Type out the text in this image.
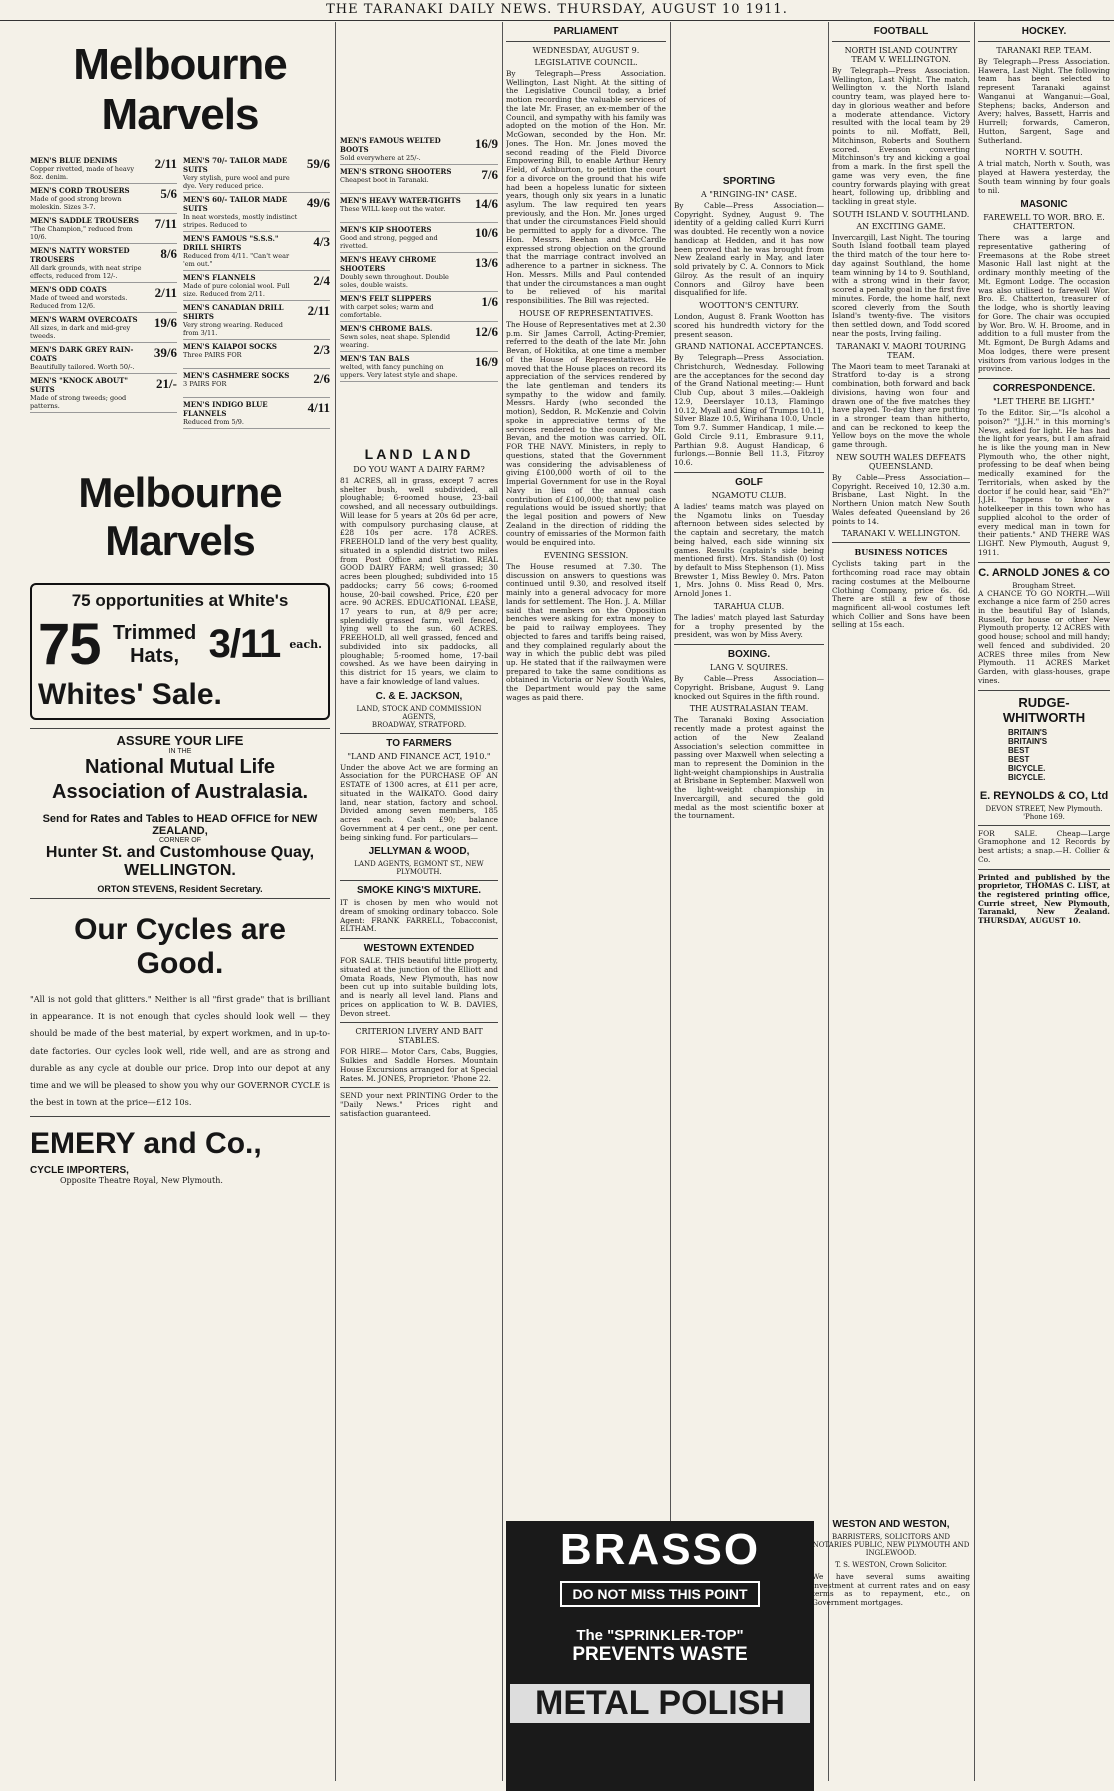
THE TARANAKI DAILY NEWS. THURSDAY, AUGUST 10 1911.
Melbourne Marvels
MEN'S BLUE DENIMS
Copper rivetted, made of heavy 8oz. denim.
2/11
MEN'S CORD TROUSERS
Made of good strong brown moleskin. Sizes 3-7.
5/6
MEN'S SADDLE TROUSERS
"The Champion," reduced from 10/6.
7/11
MEN'S NATTY WORSTED TROUSERS
All dark grounds, with neat stripe effects, reduced from 12/-.
8/6
MEN'S ODD COATS
Made of tweed and worsteds. Reduced from 12/6.
2/11
MEN'S WARM OVERCOATS
All sizes, in dark and mid-grey tweeds.
19/6
MEN'S DARK GREY RAIN-COATS
Beautifully tailored. Worth 50/-.
39/6
MEN'S "KNOCK ABOUT" SUITS
Made of strong tweeds; good patterns.
21/-
MEN'S 70/- TAILOR MADE SUITS
Very stylish, pure wool and pure dye. Very reduced price.
59/6
MEN'S 60/- TAILOR MADE SUITS
In neat worsteds, mostly indistinct stripes. Reduced to
49/6
MEN'S FAMOUS "S.S.S." DRILL SHIRTS
Reduced from 4/11. "Can't wear 'em out."
4/3
MEN'S FLANNELS
Made of pure colonial wool. Full size. Reduced from 2/11.
2/4
MEN'S CANADIAN DRILL SHIRTS
Very strong wearing. Reduced from 3/11.
2/11
MEN'S KAIAPOI SOCKS
Three PAIRS FOR	2/3
MEN'S CASHMERE SOCKS
3 PAIRS FOR	2/6
MEN'S INDIGO BLUE FLANNELS
Reduced from 5/9.
4/11
Melbourne Marvels
75 opportunities at White's
75 Trimmed Hats, 3/11 each.
Whites' Sale.
ASSURE YOUR LIFE
IN THE
National Mutual Life Association of Australasia.
Send for Rates and Tables to HEAD OFFICE for NEW ZEALAND,
CORNER OF
Hunter St. and Customhouse Quay, WELLINGTON.
ORTON STEVENS, Resident Secretary.
Our Cycles are Good.

"All is not gold that glitters." Neither is all "first grade" that is brilliant in appearance. It is not enough that cycles should look well — they should be made of the best material, by expert workmen, and in up-to-date factories. Our cycles look well, ride well, and are as strong and durable as any cycle at double our price. Drop into our depot at any time and we will be pleased to show you why our GOVERNOR CYCLE is the best in town at the price—£12 10s.

EMERY and Co.,
CYCLE IMPORTERS,
Opposite Theatre Royal, New Plymouth.
MEN'S FAMOUS WELTED BOOTS
Sold everywhere at 25/-.
16/9
MEN'S STRONG SHOOTERS
Cheapest boot in Taranaki.	7/6
MEN'S HEAVY WATER-TIGHTS
These WILL keep out the water.	14/6
MEN'S KIP SHOOTERS
Good and strong, pegged and rivetted.
10/6
MEN'S HEAVY CHROME SHOOTERS
Doubly sewn throughout. Double soles, double waists.
13/6
MEN'S FELT SLIPPERS
with carpet soles; warm and comfortable.
1/6
MEN'S CHROME BALS.
Sewn soles, neat shape. Splendid wearing.
12/6
MEN'S TAN BALS
welted, with fancy punching on uppers. Very latest style and shape.
16/9
LAND LAND
DO YOU WANT A DAIRY FARM?

81 ACRES, all in grass, except 7 acres shelter bush, well subdivided, all ploughable; 6-roomed house, 23-bail cowshed, and all necessary outbuildings. Will lease for 5 years at 20s 6d per acre, with compulsory purchasing clause, at £28 10s per acre. 178 ACRES. FREEHOLD land of the very best quality, situated in a splendid district two miles from Post Office and Station. REAL GOOD DAIRY FARM; well grassed; 30 acres been ploughed; subdivided into 15 paddocks; carry 56 cows; 6-roomed house, 20-bail cowshed. Price, £20 per acre. 90 ACRES. EDUCATIONAL LEASE, 17 years to run, at 8/9 per acre; splendidly grassed farm, well fenced, lying well to the sun. 60 ACRES. FREEHOLD, all well grassed, fenced and subdivided into six paddocks, all ploughable; 5-roomed home, 17-bail cowshed. As we have been dairying in this district for 15 years, we claim to have a fair knowledge of land values.

C. & E. JACKSON,
LAND, STOCK AND COMMISSION AGENTS,
BROADWAY, STRATFORD.
TO FARMERS
"LAND AND FINANCE ACT, 1910."

Under the above Act we are forming an Association for the PURCHASE OF AN ESTATE of 1300 acres, at £11 per acre, situated in the WAIKATO. Good dairy land, near station, factory and school. Divided among seven members, 185 acres each. Cash £90; balance Government at 4 per cent., one per cent. being sinking fund. For particulars—

JELLYMAN & WOOD,
LAND AGENTS, EGMONT ST., NEW PLYMOUTH.
SMOKE KING'S MIXTURE.

IT is chosen by men who would not dream of smoking ordinary tobacco. Sole Agent: FRANK FARRELL, Tobacconist, ELTHAM.

WESTOWN EXTENDED

FOR SALE. THIS beautiful little property, situated at the junction of the Elliott and Omata Roads, New Plymouth, has now been cut up into suitable building lots, and is nearly all level land. Plans and prices on application to W. B. DAVIES, Devon street.

CRITERION LIVERY AND BAIT STABLES.

FOR HIRE— Motor Cars, Cabs, Buggies, Sulkies and Saddle Horses. Mountain House Excursions arranged for at Special Rates. M. JONES, Proprietor. 'Phone 22.

SEND your next PRINTING Order to the "Daily News." Prices right and satisfaction guaranteed.

PARLIAMENT
WEDNESDAY, AUGUST 9.
LEGISLATIVE COUNCIL.

By Telegraph—Press Association. Wellington, Last Night. At the sitting of the Legislative Council today, a brief motion recording the valuable services of the late Mr. Fraser, an ex-member of the Council, and sympathy with his family was adopted on the motion of the Hon. Mr. McGowan, seconded by the Hon. Mr. Jones. The Hon. Mr. Jones moved the second reading of the Field Divorce Empowering Bill, to enable Arthur Henry Field, of Ashburton, to petition the court for a divorce on the ground that his wife had been a hopeless lunatic for sixteen years, though only six years in a lunatic asylum. The law required ten years previously, and the Hon. Mr. Jones urged that under the circumstances Field should be permitted to apply for a divorce. The Hon. Messrs. Beehan and McCardle expressed strong objection on the ground that the marriage contract involved an adherence to a partner in sickness. The Hon. Messrs. Mills and Paul contended that under the circumstances a man ought to be relieved of his marital responsibilities. The Bill was rejected.

HOUSE OF REPRESENTATIVES.

The House of Representatives met at 2.30 p.m. Sir James Carroll, Acting-Premier, referred to the death of the late Mr. John Bevan, of Hokitika, at one time a member of the House of Representatives. He moved that the House places on record its appreciation of the services rendered by the late gentleman and tenders its sympathy to the widow and family. Messrs. Hardy (who seconded the motion), Seddon, R. McKenzie and Colvin spoke in appreciative terms of the services rendered to the country by Mr. Bevan, and the motion was carried. OIL FOR THE NAVY. Ministers, in reply to questions, stated that the Government was considering the advisableness of giving £100,000 worth of oil to the Imperial Government for use in the Royal Navy in lieu of the annual cash contribution of £100,000; that new police regulations would be issued shortly; that the legal position and powers of New Zealand in the direction of ridding the country of emissaries of the Mormon faith would be enquired into.

EVENING SESSION.

The House resumed at 7.30. The discussion on answers to questions was continued until 9.30, and resolved itself mainly into a general advocacy for more lands for settlement. The Hon. J. A. Millar said that members on the Opposition benches were asking for extra money to be paid to railway employees. They objected to fares and tariffs being raised, and they complained regularly about the way in which the public debt was piled up. He stated that if the railwaymen were prepared to take the same conditions as obtained in Victoria or New South Wales, the Department would pay the same wages as paid there.

BRASSO
DO NOT MISS THIS POINT
The "SPRINKLER-TOP"
PREVENTS WASTE
METAL POLISH
SPORTING
A "RINGING-IN" CASE.

By Cable—Press Association—Copyright. Sydney, August 9. The identity of a gelding called Kurri Kurri was doubted. He recently won a novice handicap at Hedden, and it has now been proved that he was brought from New Zealand early in May, and later sold privately by C. A. Connors to Mick Gilroy. As the result of an inquiry Connors and Gilroy have been disqualified for life.

WOOTTON'S CENTURY.

London, August 8. Frank Wootton has scored his hundredth victory for the present season.

GRAND NATIONAL ACCEPTANCES.

By Telegraph—Press Association. Christchurch, Wednesday. Following are the acceptances for the second day of the Grand National meeting:— Hunt Club Cup, about 3 miles.—Oakleigh 12.9, Deerslayer 10.13, Flamingo 10.12, Myall and King of Trumps 10.11, Silver Blaze 10.5, Wirihana 10.0, Uncle Tom 9.7. Summer Handicap, 1 mile.—Gold Circle 9.11, Embrasure 9.11, Parthian 9.8. August Handicap, 6 furlongs.—Bonnie Bell 11.3, Fitzroy 10.6.

GOLF
NGAMOTU CLUB.

A ladies' teams match was played on the Ngamotu links on Tuesday afternoon between sides selected by the captain and secretary, the match being halved, each side winning six games. Results (captain's side being mentioned first). Mrs. Standish (0) lost by default to Miss Stephenson (1). Miss Brewster 1, Miss Bewley 0. Mrs. Paton 1, Mrs. Johns 0. Miss Read 0, Mrs. Arnold Jones 1.

TARAHUA CLUB.

The ladies' match played last Saturday for a trophy presented by the president, was won by Miss Avery.

BOXING.
LANG V. SQUIRES.

By Cable—Press Association—Copyright. Brisbane, August 9. Lang knocked out Squires in the fifth round.

THE AUSTRALASIAN TEAM.

The Taranaki Boxing Association recently made a protest against the action of the New Zealand Association's selection committee in passing over Maxwell when selecting a man to represent the Dominion in the light-weight championships in Australia at Brisbane in September. Maxwell won the light-weight championship in Invercargill, and secured the gold medal as the most scientific boxer at the tournament.

FOOTBALL
NORTH ISLAND COUNTRY TEAM V. WELLINGTON.

By Telegraph—Press Association. Wellington, Last Night. The match, Wellington v. the North Island country team, was played here to-day in glorious weather and before a moderate attendance. Victory resulted with the local team by 29 points to nil. Moffatt, Bell, Mitchinson, Roberts and Southern scored. Evenson converting Mitchinson's try and kicking a goal from a mark. In the first spell the game was very even, the fine country forwards playing with great heart, following up, dribbling and tackling in great style.

SOUTH ISLAND V. SOUTHLAND.
AN EXCITING GAME.

Invercargill, Last Night. The touring South Island football team played the third match of the tour here to-day against Southland, the home team winning by 14 to 9. Southland, with a strong wind in their favor, scored a penalty goal in the first five minutes. Forde, the home half, next scored cleverly from the South Island's twenty-five. The visitors then settled down, and Todd scored near the posts, Irving failing.

TARANAKI V. MAORI TOURING TEAM.

The Maori team to meet Taranaki at Stratford to-day is a strong combination, both forward and back divisions, having won four and drawn one of the five matches they have played. To-day they are putting in a stronger team than hitherto, and can be reckoned to keep the Yellow boys on the move the whole game through.

NEW SOUTH WALES DEFEATS QUEENSLAND.

By Cable—Press Association—Copyright. Received 10, 12.30 a.m. Brisbane, Last Night. In the Northern Union match New South Wales defeated Queensland by 26 points to 14.

TARANAKI V. WELLINGTON.
BUSINESS NOTICES

Cyclists taking part in the forthcoming road race may obtain racing costumes at the Melbourne Clothing Company, price 6s. 6d. There are still a few of those magnificent all-wool costumes left which Collier and Sons have been selling at 15s each.

WESTON AND WESTON,
BARRISTERS, SOLICITORS AND NOTARIES PUBLIC, NEW PLYMOUTH AND INGLEWOOD.
T. S. WESTON, Crown Solicitor.

We have several sums awaiting investment at current rates and on easy terms as to repayment, etc., on Government mortgages.

HOCKEY.
TARANAKI REP. TEAM.

By Telegraph—Press Association. Hawera, Last Night. The following team has been selected to represent Taranaki against Wanganui at Wanganui:—Goal, Stephens; backs, Anderson and Avery; halves, Bassett, Harris and Hurrell; forwards, Cameron, Hutton, Sargent, Sage and Sutherland.

NORTH V. SOUTH.

A trial match, North v. South, was played at Hawera yesterday, the South team winning by four goals to nil.

MASONIC
FAREWELL TO WOR. BRO. E. CHATTERTON.

There was a large and representative gathering of Freemasons at the Robe street Masonic Hall last night at the ordinary monthly meeting of the Mt. Egmont Lodge. The occasion was also utilised to farewell Wor. Bro. E. Chatterton, treasurer of the lodge, who is shortly leaving for Gore. The chair was occupied by Wor. Bro. W. H. Broome, and in addition to a full muster from the Mt. Egmont, De Burgh Adams and Moa lodges, there were present visitors from various lodges in the province.

CORRESPONDENCE.
"LET THERE BE LIGHT."

To the Editor. Sir,—"Is alcohol a poison?" "J.J.H." in this morning's News, asked for light. He has had the light for years, but I am afraid he is like the young man in New Plymouth who, the other night, professing to be deaf when being medically examined for the Territorials, when asked by the doctor if he could hear, said "Eh?" J.J.H. "happens to know a hotelkeeper in this town who has supplied alcohol to the order of every medical man in town for their patients." AND THERE WAS LIGHT. New Plymouth, August 9, 1911.

C. ARNOLD JONES & CO
Brougham Street.

A CHANCE TO GO NORTH.—Will exchange a nice farm of 250 acres in the beautiful Bay of Islands, Russell, for house or other New Plymouth property. 12 ACRES with good house; school and mill handy; well fenced and subdivided. 20 ACRES three miles from New Plymouth. 11 ACRES Market Garden, with glass-houses, grape vines.

RUDGE-WHITWORTH
BRITAIN'S
BRITAIN'S
BEST
BEST
BICYCLE.
BICYCLE.
E. REYNOLDS & CO, Ltd
DEVON STREET, New Plymouth. 'Phone 169.

FOR SALE. Cheap—Large Gramophone and 12 Records by best artists; a snap.—H. Collier & Co.

Printed and published by the proprietor, THOMAS C. LIST, at the registered printing office, Currie street, New Plymouth, Taranaki, New Zealand. THURSDAY, AUGUST 10.
